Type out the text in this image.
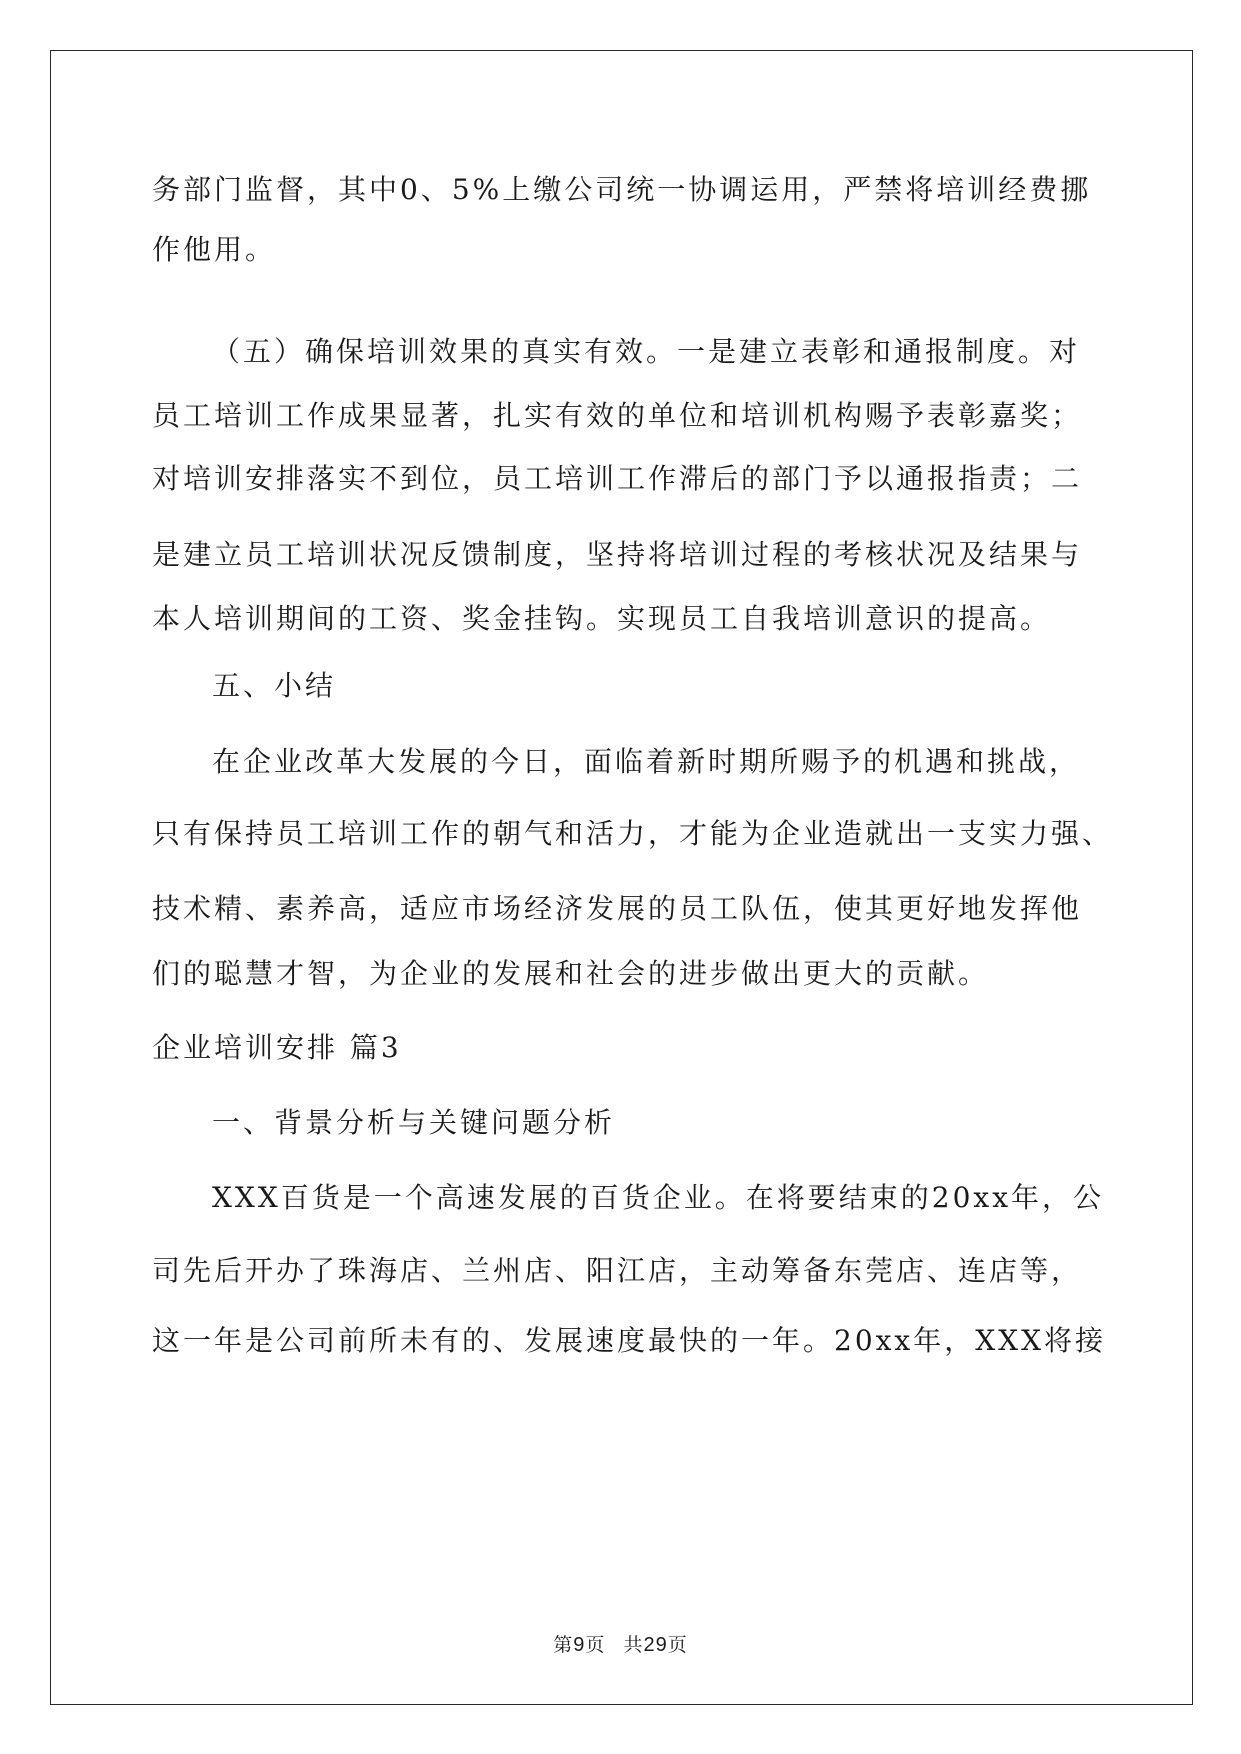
务部门监督，其中0、5%上缴公司统一协调运用，严禁将培训经费挪
作他用。
（五）确保培训效果的真实有效。一是建立表彰和通报制度。对
员工培训工作成果显著，扎实有效的单位和培训机构赐予表彰嘉奖；
对培训安排落实不到位，员工培训工作滞后的部门予以通报指责；二
是建立员工培训状况反馈制度，坚持将培训过程的考核状况及结果与
本人培训期间的工资、奖金挂钩。实现员工自我培训意识的提高。
五、小结
在企业改革大发展的今日，面临着新时期所赐予的机遇和挑战，
只有保持员工培训工作的朝气和活力，才能为企业造就出一支实力强、
技术精、素养高，适应市场经济发展的员工队伍，使其更好地发挥他
们的聪慧才智，为企业的发展和社会的进步做出更大的贡献。
企业培训安排 篇3
一、背景分析与关键问题分析
XXX百货是一个高速发展的百货企业。在将要结束的20xx年，公
司先后开办了珠海店、兰州店、阳江店，主动筹备东莞店、连店等，
这一年是公司前所未有的、发展速度最快的一年。20xx年，XXX将接
第9页 共29页
